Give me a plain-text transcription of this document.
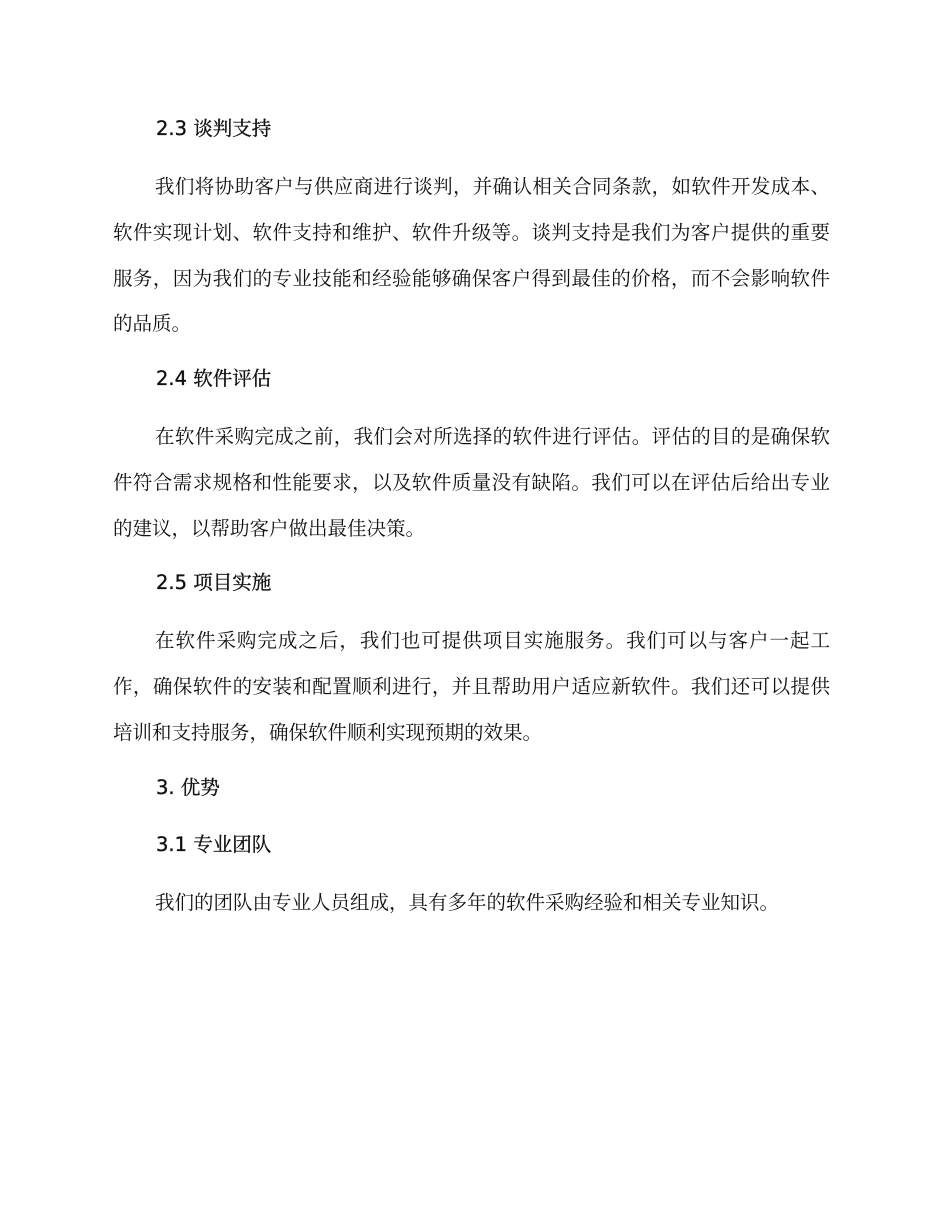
2.3 谈判支持

我们将协助客户与供应商进行谈判，并确认相关合同条款，如软件开发成本、软件实现计划、软件支持和维护、软件升级等。谈判支持是我们为客户提供的重要服务，因为我们的专业技能和经验能够确保客户得到最佳的价格，而不会影响软件的品质。

2.4 软件评估

在软件采购完成之前，我们会对所选择的软件进行评估。评估的目的是确保软件符合需求规格和性能要求，以及软件质量没有缺陷。我们可以在评估后给出专业的建议，以帮助客户做出最佳决策。

2.5 项目实施

在软件采购完成之后，我们也可提供项目实施服务。我们可以与客户一起工作，确保软件的安装和配置顺利进行，并且帮助用户适应新软件。我们还可以提供培训和支持服务，确保软件顺利实现预期的效果。

3. 优势
3.1 专业团队

我们的团队由专业人员组成，具有多年的软件采购经验和相关专业知识。
